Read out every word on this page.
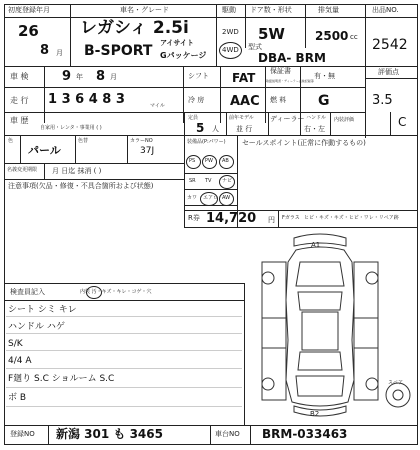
初度登録年月	車名・グレード	駆動 ドア数・形状	排気量	出品NO.
26
8 月
レガシィ 2.5i
B-SPORT アイサイト
Gパッケージ
2WD
4WD
5W	2500 cc 2542
型式
DBA- BRM
車 検	9 年 8 月	シフト FAT 保証書
取扱説明書・ディーラー点検記録簿
有・無	評価点
3.5
走 行 1 3 6 4 8 3	マイル
冷 房 AAC 燃 料 G
車 歴
自家用・レンタ・事業用 ( )
定員
5 人
前年モデル
並 行
ディーラー ハンドル
右・左
内装評価	C
色
パール
色替	カラーNO
37J
名義変更期限	月 日迄 抹消 ( )
注意事項(欠品・修復・不具合箇所および状態)
装備品(P:パワー) セールスポイント(正常に作動するもの)
PS PW AB
SR TV ナビ
カワ エアロ AW
R券 14,720 円 Fガラス ヒビ・キズ・キズ・ヒビ・ワレ・リペア跡
検査員記入	内装 汚・キズ・キレ・コゲ・穴
シート シミ キレ
ハンドル ハゲ
S/K
4/4 A
F廻り S.C ショルーム S.C
ボ B
A1
B2
スペア
登録NO 新潟 301 も 3465	車台NO BRM-033463
